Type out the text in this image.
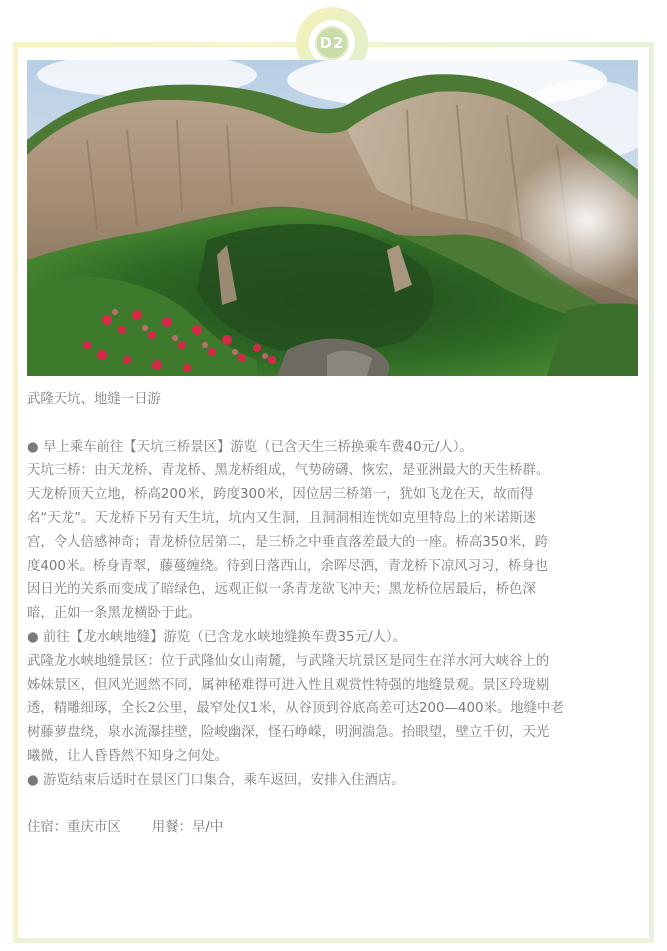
D2

武隆天坑、地缝一日游

● 早上乘车前往【天坑三桥景区】游览（已含天生三桥换乘车费40元/人）。

天坑三桥：由天龙桥、青龙桥、黑龙桥组成，气势磅礴、恢宏，是亚洲最大的天生桥群。

天龙桥顶天立地，桥高200米，跨度300米，因位居三桥第一，犹如飞龙在天，故而得

名“天龙”。天龙桥下另有天生坑，坑内又生洞，且洞洞相连恍如克里特岛上的米诺斯迷

宫，令人倍感神奇；青龙桥位居第二，是三桥之中垂直落差最大的一座。桥高350米，跨

度400米。桥身青翠，藤蔓缠绕。待到日落西山，余晖尽洒，青龙桥下凉风习习，桥身也

因日光的关系而变成了暗绿色，远观正似一条青龙欲飞冲天；黑龙桥位居最后，桥色深

暗，正如一条黑龙横卧于此。

● 前往【龙水峡地缝】游览（已含龙水峡地缝换车费35元/人）。

武隆龙水峡地缝景区：位于武隆仙女山南麓，与武隆天坑景区是同生在洋水河大峡谷上的

姊妹景区，但风光迥然不同，属神秘难得可进入性且观赏性特强的地缝景观。景区玲珑剔

透，精雕细琢，全长2公里，最窄处仅1米，从谷顶到谷底高差可达200—400米。地缝中老

树藤萝盘绕，泉水流瀑挂壁，险峻幽深，怪石峥嵘，明涧湍急。抬眼望，壁立千仞，天光

曦微，让人昏昏然不知身之何处。

● 游览结束后适时在景区门口集合，乘车返回，安排入住酒店。

住宿：重庆市区　　 用餐：早/中
